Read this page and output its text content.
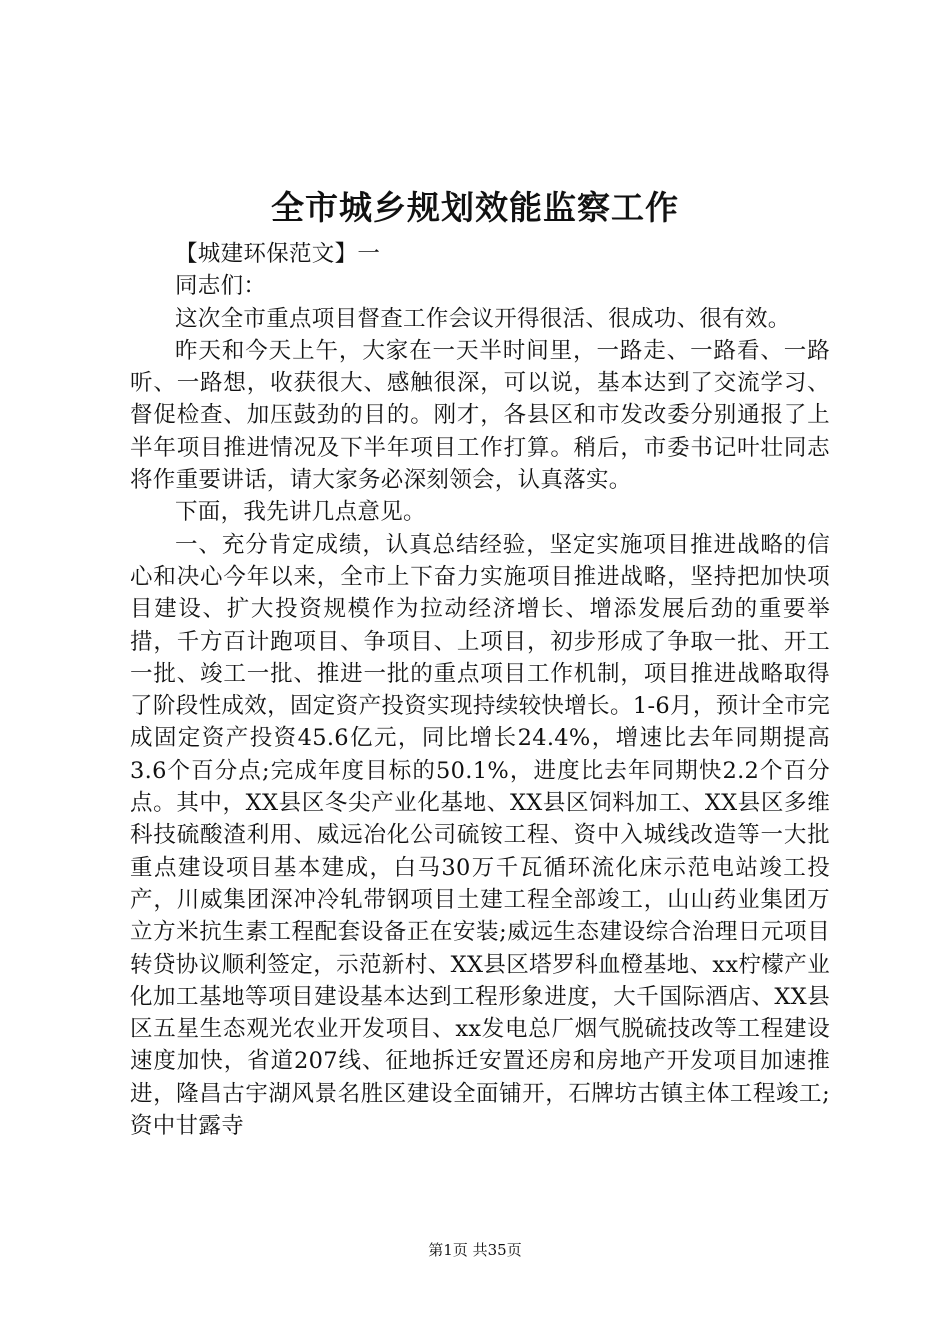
全市城乡规划效能监察工作

【城建环保范文】一

同志们：

这次全市重点项目督查工作会议开得很活、很成功、很有效。

昨天和今天上午，大家在一天半时间里，一路走、一路看、一路听、一路想，收获很大、感触很深，可以说，基本达到了交流学习、督促检查、加压鼓劲的目的。刚才，各县区和市发改委分别通报了上半年项目推进情况及下半年项目工作打算。稍后，市委书记叶壮同志将作重要讲话，请大家务必深刻领会，认真落实。

下面，我先讲几点意见。

一、充分肯定成绩，认真总结经验，坚定实施项目推进战略的信心和决心今年以来，全市上下奋力实施项目推进战略，坚持把加快项目建设、扩大投资规模作为拉动经济增长、增添发展后劲的重要举措，千方百计跑项目、争项目、上项目，初步形成了争取一批、开工一批、竣工一批、推进一批的重点项目工作机制，项目推进战略取得了阶段性成效，固定资产投资实现持续较快增长。1-6月，预计全市完成固定资产投资45.6亿元，同比增长24.4%，增速比去年同期提高3.6个百分点;完成年度目标的50.1%，进度比去年同期快2.2个百分点。其中，XX县区冬尖产业化基地、XX县区饲料加工、XX县区多维科技硫酸渣利用、威远冶化公司硫铵工程、资中入城线改造等一大批重点建设项目基本建成，白马30万千瓦循环流化床示范电站竣工投产，川威集团深冲冷轧带钢项目土建工程全部竣工，山山药业集团万立方米抗生素工程配套设备正在安装;威远生态建设综合治理日元项目转贷协议顺利签定，示范新村、XX县区塔罗科血橙基地、xx柠檬产业化加工基地等项目建设基本达到工程形象进度，大千国际酒店、XX县区五星生态观光农业开发项目、xx发电总厂烟气脱硫技改等工程建设速度加快，省道207线、征地拆迁安置还房和房地产开发项目加速推进，隆昌古宇湖风景名胜区建设全面铺开，石牌坊古镇主体工程竣工;资中甘露寺

第1页 共35页
